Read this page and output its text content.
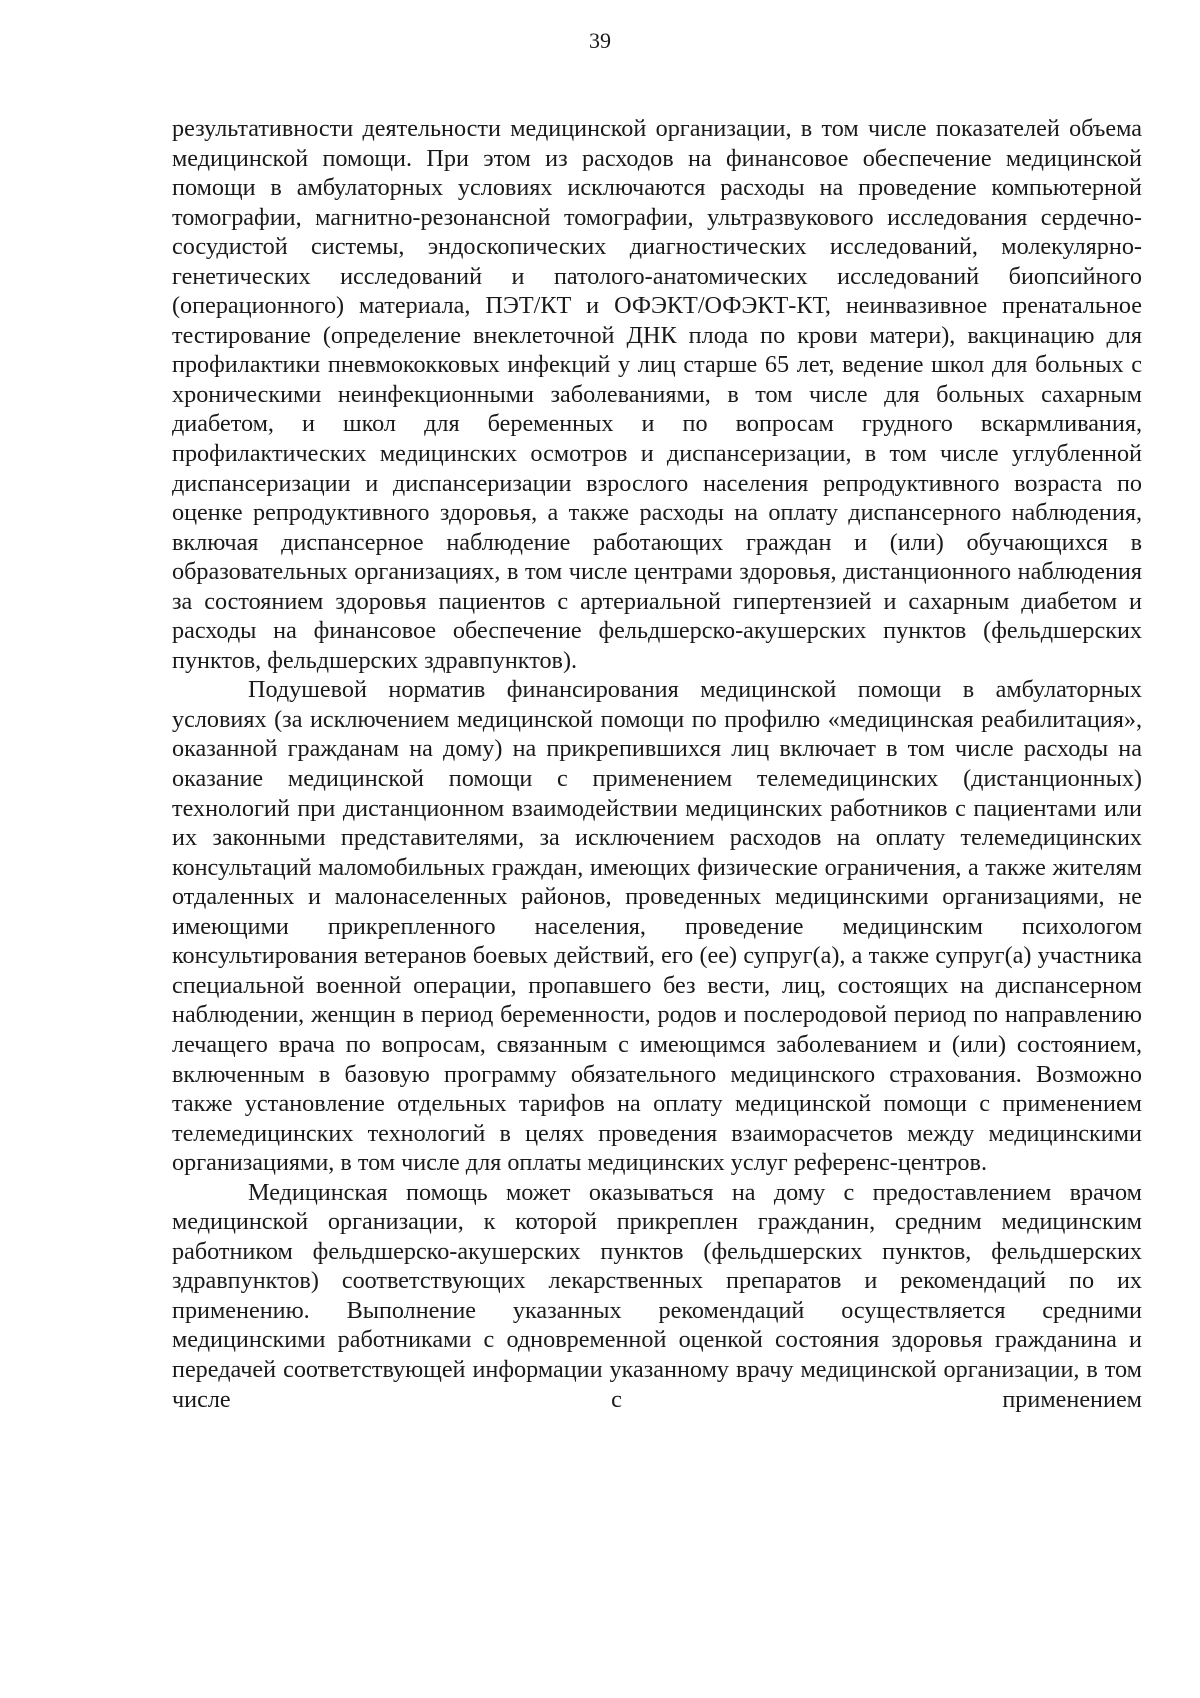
39

результативности деятельности медицинской организации, в том числе показателей объема медицинской помощи. При этом из расходов на финансовое обеспечение медицинской помощи в амбулаторных условиях исключаются расходы на проведение компьютерной томографии, магнитно-резонансной томографии, ультразвукового исследования сердечно-сосудистой системы, эндоскопических диагностических исследований, молекулярно-генетических исследований и патолого-анатомических исследований биопсийного (операционного) материала, ПЭТ/КТ и ОФЭКТ/ОФЭКТ-КТ, неинвазивное пренатальное тестирование (определение внеклеточной ДНК плода по крови матери), вакцинацию для профилактики пневмококковых инфекций у лиц старше 65 лет, ведение школ для больных с хроническими неинфекционными заболеваниями, в том числе для больных сахарным диабетом, и школ для беременных и по вопросам грудного вскармливания, профилактических медицинских осмотров и диспансеризации, в том числе углубленной диспансеризации и диспансеризации взрослого населения репродуктивного возраста по оценке репродуктивного здоровья, а также расходы на оплату диспансерного наблюдения, включая диспансерное наблюдение работающих граждан и (или) обучающихся в образовательных организациях, в том числе центрами здоровья, дистанционного наблюдения за состоянием здоровья пациентов с артериальной гипертензией и сахарным диабетом и расходы на финансовое обеспечение фельдшерско-акушерских пунктов (фельдшерских пунктов, фельдшерских здравпунктов).

Подушевой норматив финансирования медицинской помощи в амбулаторных условиях (за исключением медицинской помощи по профилю «медицинская реабилитация», оказанной гражданам на дому) на прикрепившихся лиц включает в том числе расходы на оказание медицинской помощи с применением телемедицинских (дистанционных) технологий при дистанционном взаимодействии медицинских работников с пациентами или их законными представителями, за исключением расходов на оплату телемедицинских консультаций маломобильных граждан, имеющих физические ограничения, а также жителям отдаленных и малонаселенных районов, проведенных медицинскими организациями, не имеющими прикрепленного населения, проведение медицинским психологом консультирования ветеранов боевых действий, его (ее) супруг(а), а также супруг(а) участника специальной военной операции, пропавшего без вести, лиц, состоящих на диспансерном наблюдении, женщин в период беременности, родов и послеродовой период по направлению лечащего врача по вопросам, связанным с имеющимся заболеванием и (или) состоянием, включенным в базовую программу обязательного медицинского страхования. Возможно также установление отдельных тарифов на оплату медицинской помощи с применением телемедицинских технологий в целях проведения взаиморасчетов между медицинскими организациями, в том числе для оплаты медицинских услуг референс-центров.

Медицинская помощь может оказываться на дому с предоставлением врачом медицинской организации, к которой прикреплен гражданин, средним медицинским работником фельдшерско-акушерских пунктов (фельдшерских пунктов, фельдшерских здравпунктов) соответствующих лекарственных препаратов и рекомендаций по их применению. Выполнение указанных рекомендаций осуществляется средними медицинскими работниками с одновременной оценкой состояния здоровья гражданина и передачей соответствующей информации указанному врачу медицинской организации, в том числе с применением
